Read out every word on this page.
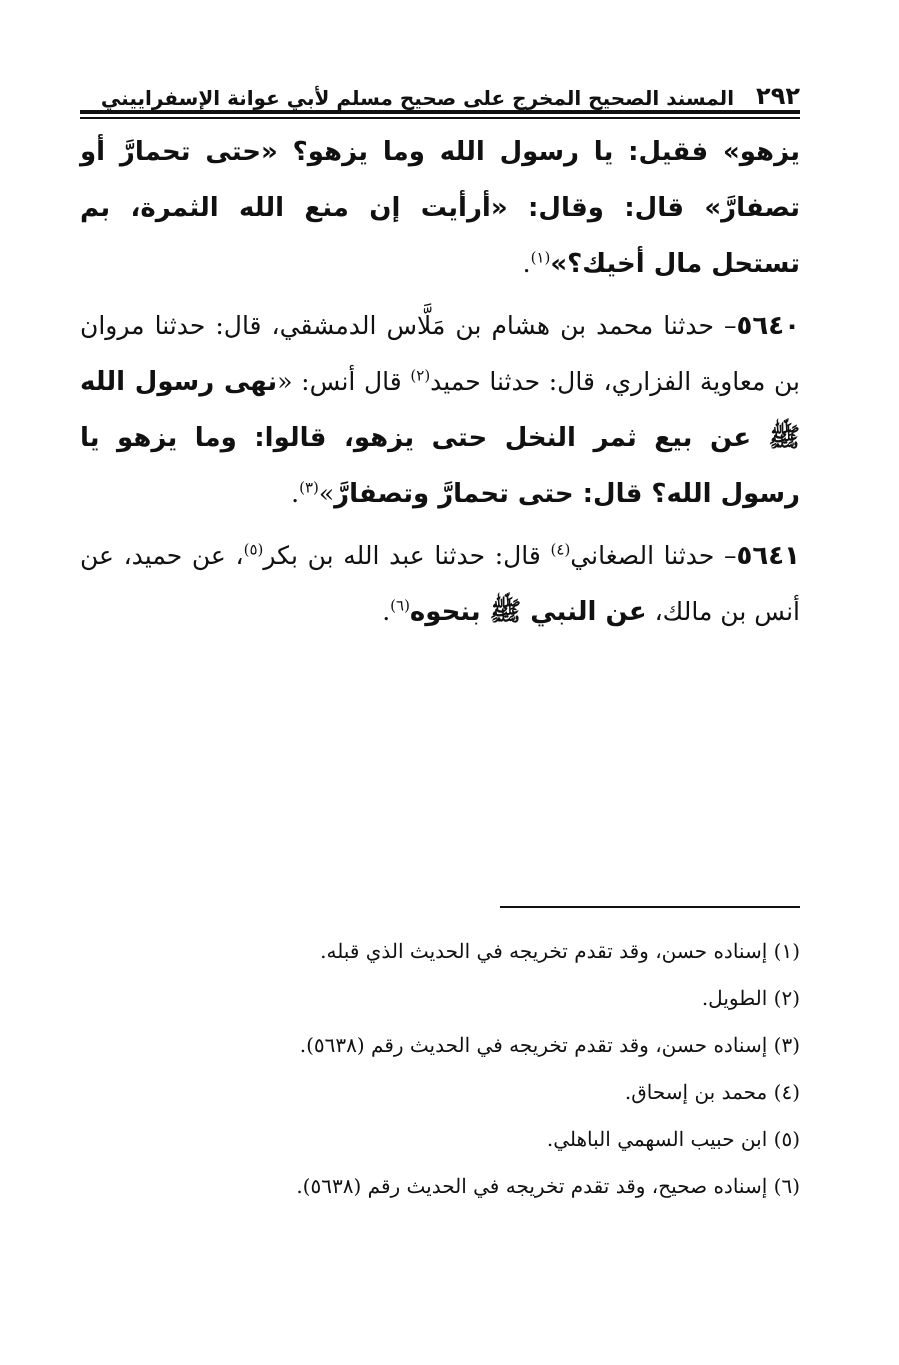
٢٩٢
المسند الصحيح المخرج على صحيح مسلم لأبي عوانة الإسفراييني

يزهو» فقيل: يا رسول الله وما يزهو؟ «حتى تحمارَّ أو تصفارَّ» قال: وقال: «أرأيت إن منع الله الثمرة، بم تستحل مال أخيك؟»$^{(١)}$.

٥٦٤٠– حدثنا محمد بن هشام بن مَلَّاس الدمشقي، قال: حدثنا مروان بن معاوية الفزاري، قال: حدثنا حميد$^{(٢)}$ قال أنس: «نهى رسول الله ﷺ عن بيع ثمر النخل حتى يزهو، قالوا: وما يزهو يا رسول الله؟ قال: حتى تحمارَّ وتصفارَّ»$^{(٣)}$.

٥٦٤١– حدثنا الصغاني$^{(٤)}$ قال: حدثنا عبد الله بن بكر$^{(٥)}$، عن حميد، عن أنس بن مالك، عن النبي ﷺ بنحوه$^{(٦)}$.

(١) إسناده حسن، وقد تقدم تخريجه في الحديث الذي قبله.
(٢) الطويل.
(٣) إسناده حسن، وقد تقدم تخريجه في الحديث رقم (٥٦٣٨).
(٤) محمد بن إسحاق.
(٥) ابن حبيب السهمي الباهلي.
(٦) إسناده صحيح، وقد تقدم تخريجه في الحديث رقم (٥٦٣٨).
